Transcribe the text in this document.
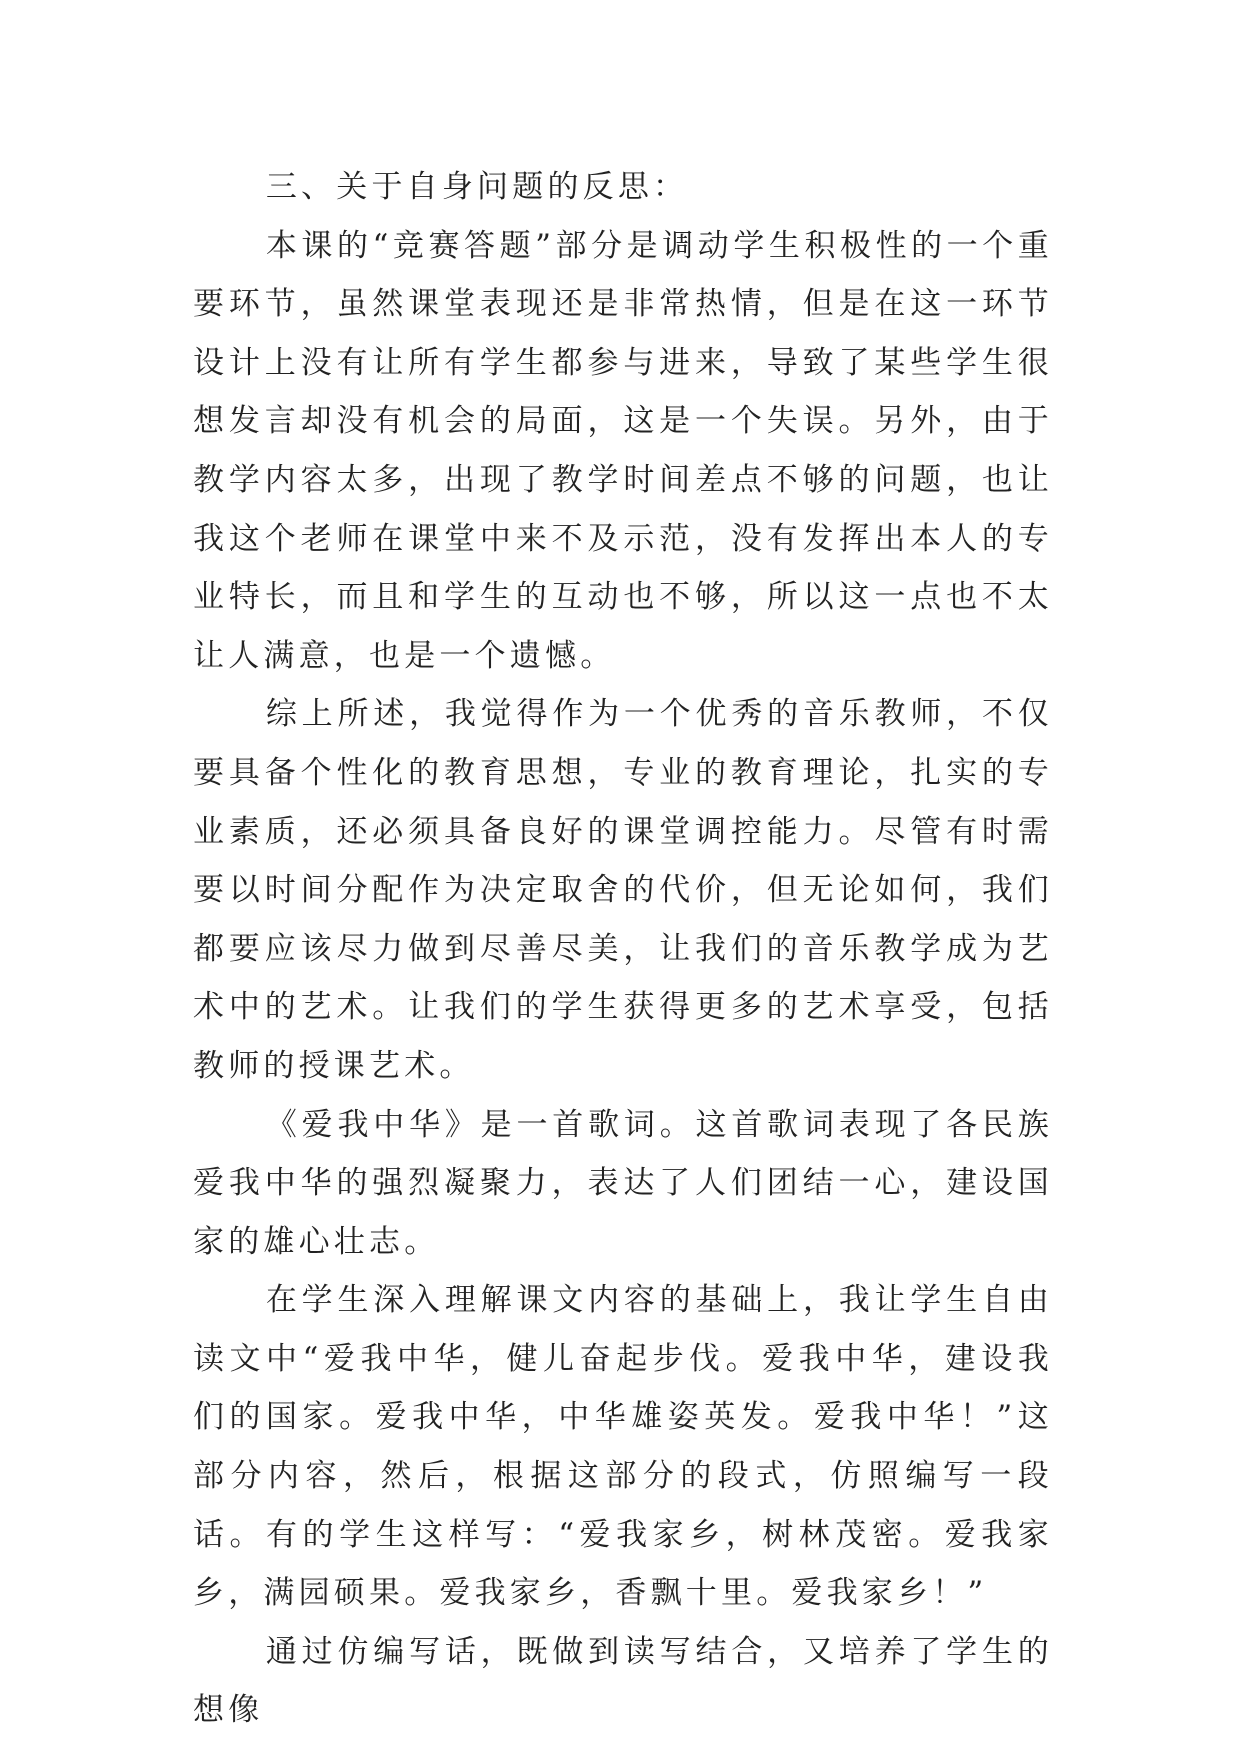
三、关于自身问题的反思：

本课的“竞赛答题”部分是调动学生积极性的一个重要环节，虽然课堂表现还是非常热情，但是在这一环节设计上没有让所有学生都参与进来，导致了某些学生很想发言却没有机会的局面，这是一个失误。另外，由于教学内容太多，出现了教学时间差点不够的问题，也让我这个老师在课堂中来不及示范，没有发挥出本人的专业特长，而且和学生的互动也不够，所以这一点也不太让人满意，也是一个遗憾。

综上所述，我觉得作为一个优秀的音乐教师，不仅要具备个性化的教育思想，专业的教育理论，扎实的专业素质，还必须具备良好的课堂调控能力。尽管有时需要以时间分配作为决定取舍的代价，但无论如何，我们都要应该尽力做到尽善尽美，让我们的音乐教学成为艺术中的艺术。让我们的学生获得更多的艺术享受，包括教师的授课艺术。

《爱我中华》是一首歌词。这首歌词表现了各民族爱我中华的强烈凝聚力，表达了人们团结一心，建设国家的雄心壮志。

在学生深入理解课文内容的基础上，我让学生自由读文中“爱我中华，健儿奋起步伐。爱我中华，建设我们的国家。爱我中华，中华雄姿英发。爱我中华！”这部分内容，然后，根据这部分的段式，仿照编写一段话。有的学生这样写：“爱我家乡，树林茂密。爱我家乡，满园硕果。爱我家乡，香飘十里。爱我家乡！”

通过仿编写话，既做到读写结合，又培养了学生的想像
